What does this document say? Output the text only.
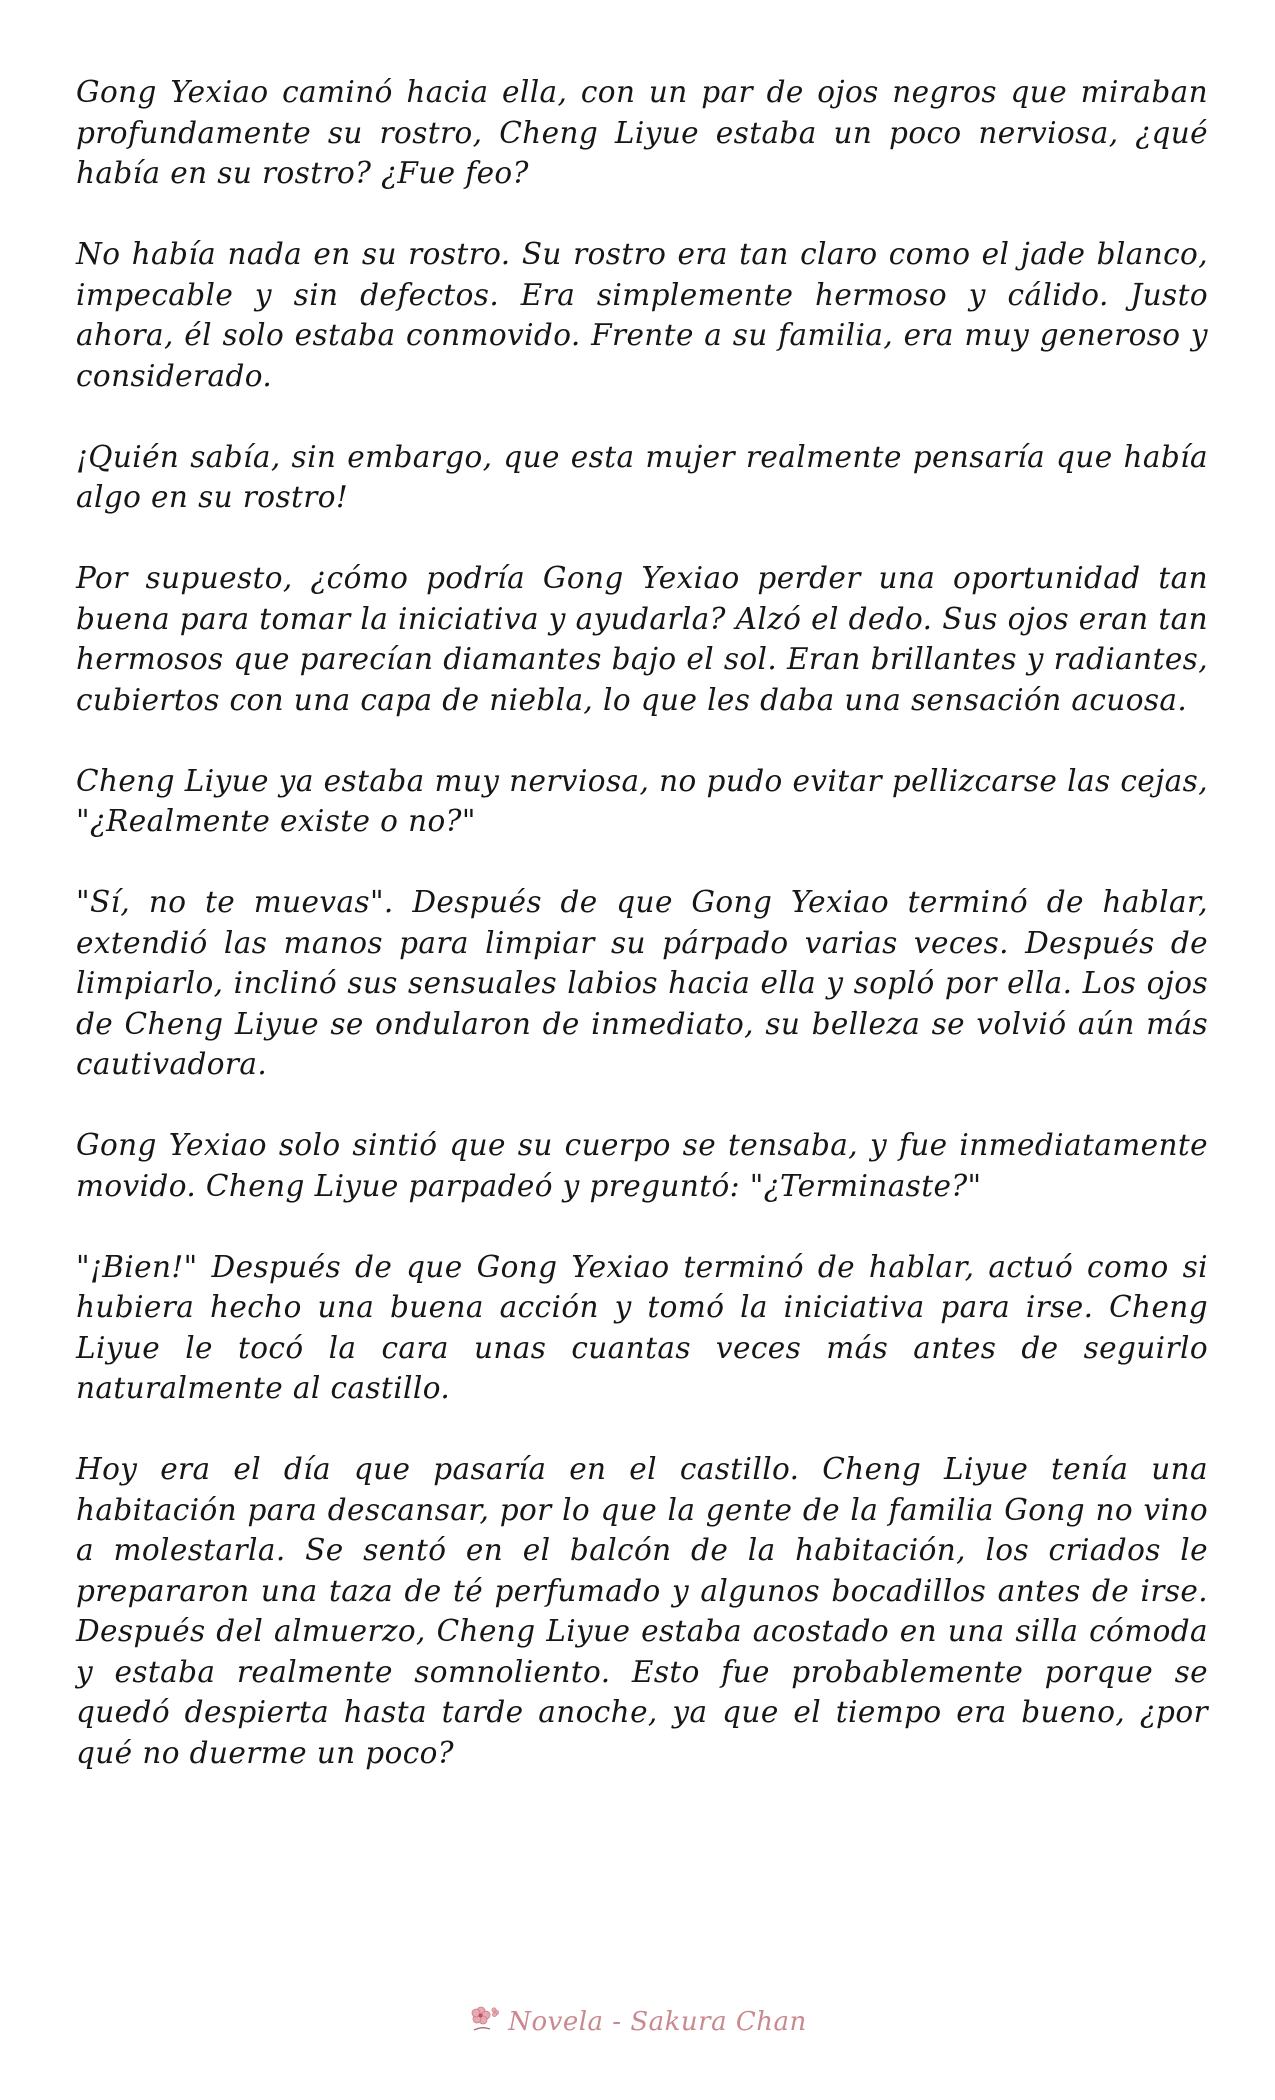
Gong Yexiao caminó hacia ella, con un par de ojos negros que miraban profundamente su rostro, Cheng Liyue estaba un poco nerviosa, ¿qué había en su rostro? ¿Fue feo?

No había nada en su rostro. Su rostro era tan claro como el jade blanco, impecable y sin defectos. Era simplemente hermoso y cálido. Justo ahora, él solo estaba conmovido. Frente a su familia, era muy generoso y considerado.

¡Quién sabía, sin embargo, que esta mujer realmente pensaría que había algo en su rostro!

Por supuesto, ¿cómo podría Gong Yexiao perder una oportunidad tan buena para tomar la iniciativa y ayudarla? Alzó el dedo. Sus ojos eran tan hermosos que parecían diamantes bajo el sol. Eran brillantes y radiantes, cubiertos con una capa de niebla, lo que les daba una sensación acuosa.

Cheng Liyue ya estaba muy nerviosa, no pudo evitar pellizcarse las cejas, "¿Realmente existe o no?"

"Sí, no te muevas". Después de que Gong Yexiao terminó de hablar, extendió las manos para limpiar su párpado varias veces. Después de limpiarlo, inclinó sus sensuales labios hacia ella y sopló por ella. Los ojos de Cheng Liyue se ondularon de inmediato, su belleza se volvió aún más cautivadora.

Gong Yexiao solo sintió que su cuerpo se tensaba, y fue inmediatamente movido. Cheng Liyue parpadeó y preguntó: "¿Terminaste?"

"¡Bien!" Después de que Gong Yexiao terminó de hablar, actuó como si hubiera hecho una buena acción y tomó la iniciativa para irse. Cheng Liyue le tocó la cara unas cuantas veces más antes de seguirlo naturalmente al castillo.

Hoy era el día que pasaría en el castillo. Cheng Liyue tenía una habitación para descansar, por lo que la gente de la familia Gong no vino a molestarla. Se sentó en el balcón de la habitación, los criados le prepararon una taza de té perfumado y algunos bocadillos antes de irse. Después del almuerzo, Cheng Liyue estaba acostado en una silla cómoda y estaba realmente somnoliento. Esto fue probablemente porque se quedó despierta hasta tarde anoche, ya que el tiempo era bueno, ¿por qué no duerme un poco?

Novela - Sakura Chan
